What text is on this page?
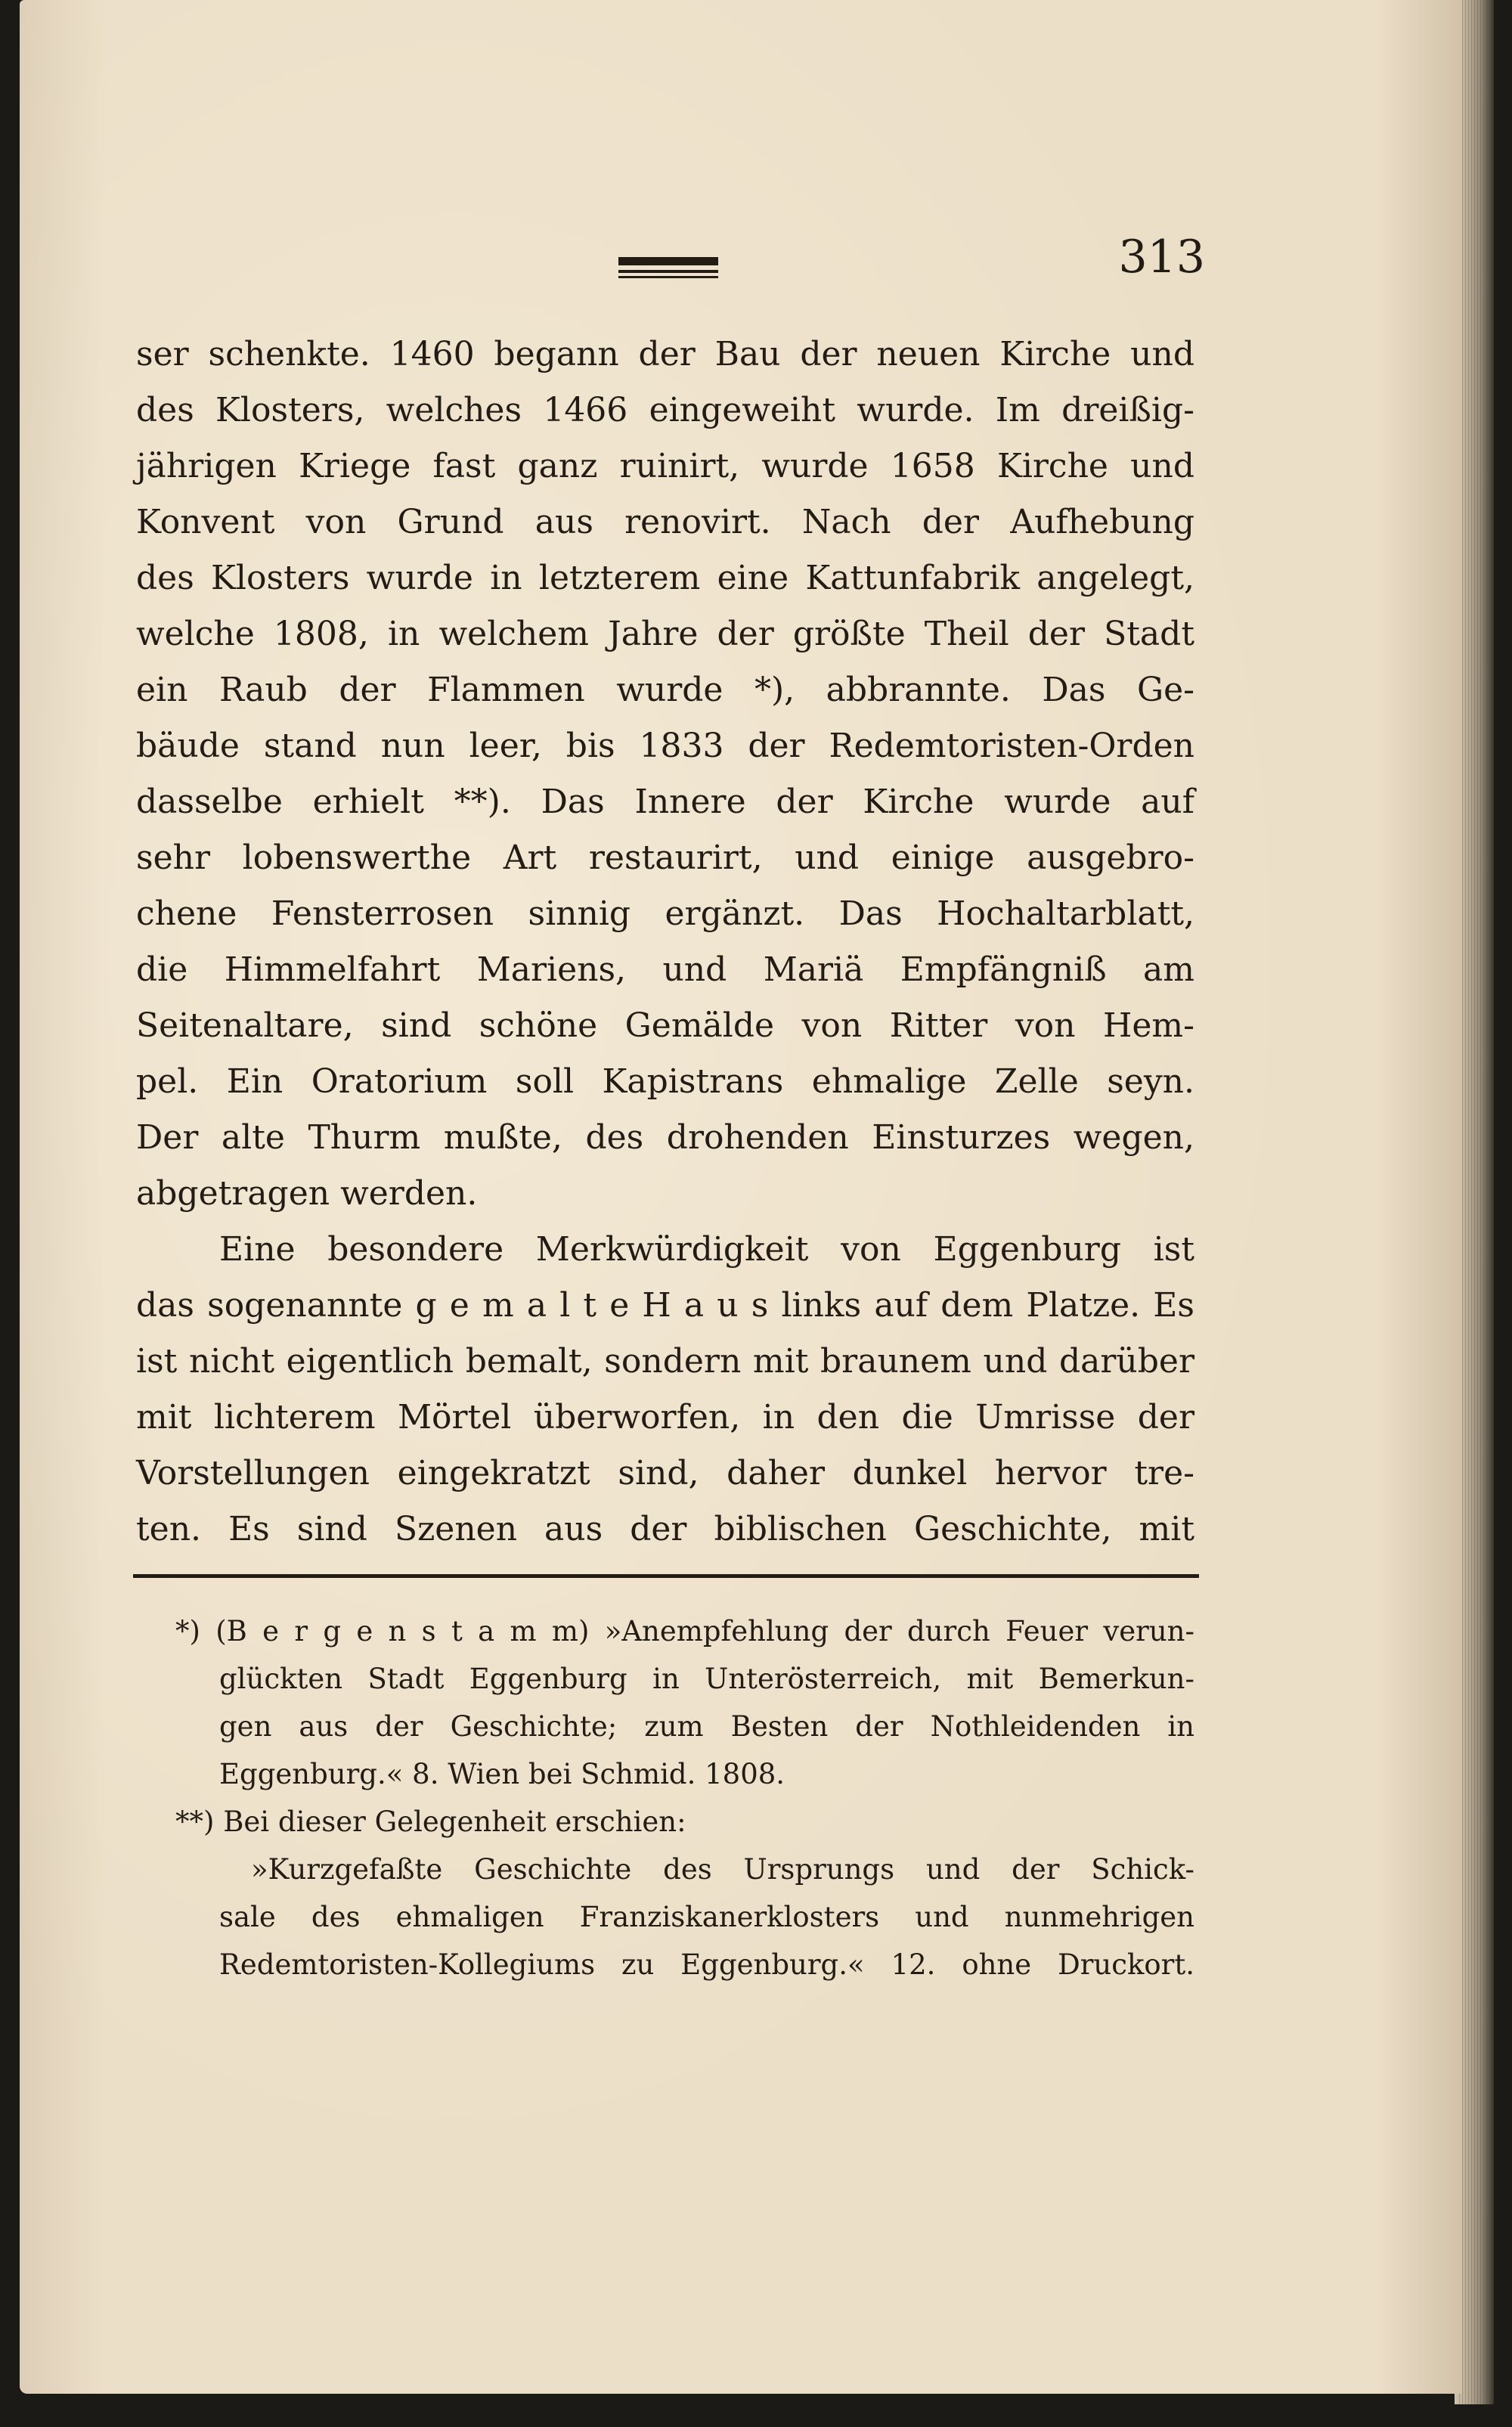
313
ser schenkte. 1460 begann der Bau der neuen Kirche und
des Klosters, welches 1466 eingeweiht wurde. Im dreißig-
jährigen Kriege fast ganz ruinirt, wurde 1658 Kirche und
Konvent von Grund aus renovirt. Nach der Aufhebung
des Klosters wurde in letzterem eine Kattunfabrik angelegt,
welche 1808, in welchem Jahre der größte Theil der Stadt
ein Raub der Flammen wurde *), abbrannte. Das Ge-
bäude stand nun leer, bis 1833 der Redemtoristen-Orden
dasselbe erhielt **). Das Innere der Kirche wurde auf
sehr lobenswerthe Art restaurirt, und einige ausgebro-
chene Fensterrosen sinnig ergänzt. Das Hochaltarblatt,
die Himmelfahrt Mariens, und Mariä Empfängniß am
Seitenaltare, sind schöne Gemälde von Ritter von Hem-
pel. Ein Oratorium soll Kapistrans ehmalige Zelle seyn.
Der alte Thurm mußte, des drohenden Einsturzes wegen,
abgetragen werden.
Eine besondere Merkwürdigkeit von Eggenburg ist
das sogenannte g e m a l t e H a u s links auf dem Platze. Es
ist nicht eigentlich bemalt, sondern mit braunem und darüber
mit lichterem Mörtel überworfen, in den die Umrisse der
Vorstellungen eingekratzt sind, daher dunkel hervor tre-
ten. Es sind Szenen aus der biblischen Geschichte, mit
*) (B e r g e n s t a m m) »Anempfehlung der durch Feuer verun-
glückten Stadt Eggenburg in Unterösterreich, mit Bemerkun-
gen aus der Geschichte; zum Besten der Nothleidenden in
Eggenburg.« 8. Wien bei Schmid. 1808.
**) Bei dieser Gelegenheit erschien:
»Kurzgefaßte Geschichte des Ursprungs und der Schick-
sale des ehmaligen Franziskanerklosters und nunmehrigen
Redemtoristen-Kollegiums zu Eggenburg.« 12. ohne Druckort.
